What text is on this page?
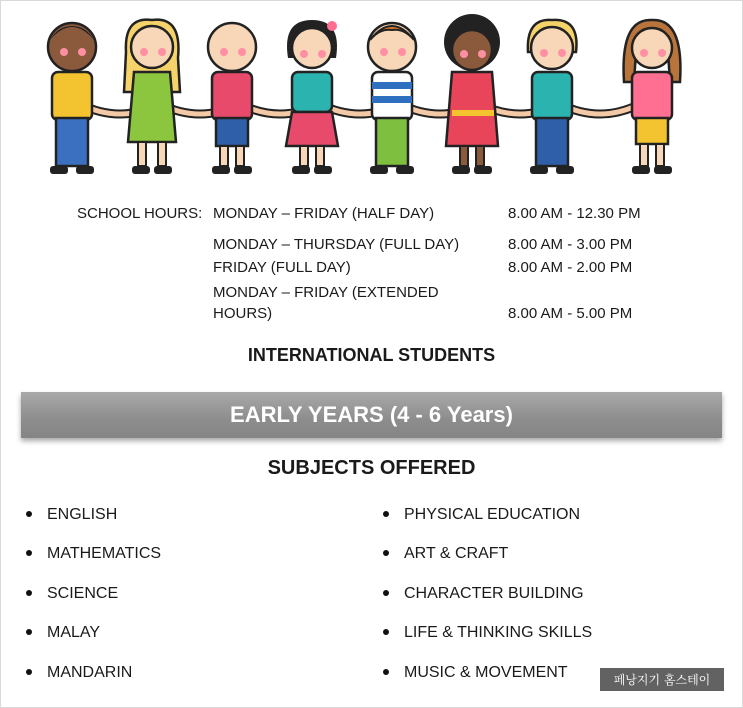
SCHOOL HOURS: MONDAY – FRIDAY (HALF DAY)	8.00 AM - 12.30 PM
MONDAY – THURSDAY (FULL DAY)	8.00 AM - 3.00 PM
FRIDAY (FULL DAY)	8.00 AM - 2.00 PM
MONDAY – FRIDAY (EXTENDED
HOURS)	8.00 AM - 5.00 PM
INTERNATIONAL STUDENTS
EARLY YEARS (4 - 6 Years)
SUBJECTS OFFERED
ENGLISH
MATHEMATICS
SCIENCE
MALAY
MANDARIN
PHYSICAL EDUCATION
ART & CRAFT
CHARACTER BUILDING
LIFE & THINKING SKILLS
MUSIC & MOVEMENT	페낭지기 홈스테이
